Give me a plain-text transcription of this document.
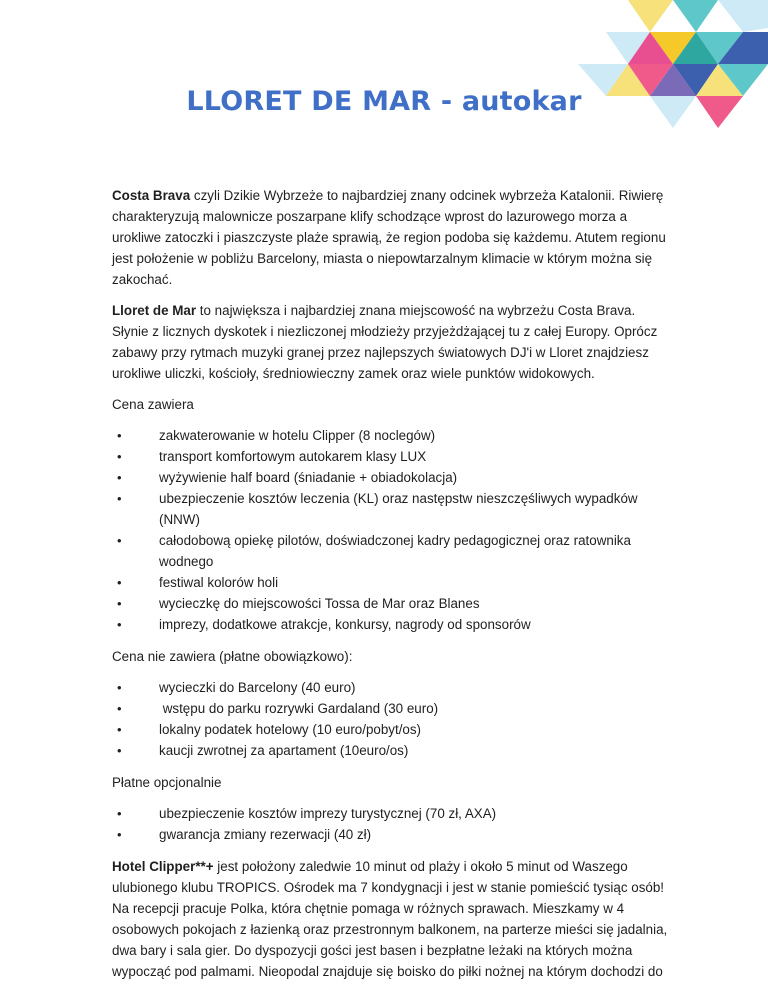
LLORET DE MAR - autokar

Costa Brava czyli Dzikie Wybrzeże to najbardziej znany odcinek wybrzeża Katalonii. Riwierę charakteryzują malownicze poszarpane klify schodzące wprost do lazurowego morza a urokliwe zatoczki i piaszczyste plaże sprawią, że region podoba się każdemu. Atutem regionu jest położenie w pobliżu Barcelony, miasta o niepowtarzalnym klimacie w którym można się zakochać.

Lloret de Mar to największa i najbardziej znana miejscowość na wybrzeżu Costa Brava. Słynie z licznych dyskotek i niezliczonej młodzieży przyjeżdżającej tu z całej Europy. Oprócz zabawy przy rytmach muzyki granej przez najlepszych światowych DJ'i w Lloret znajdziesz urokliwe uliczki, kościoły, średniowieczny zamek oraz wiele punktów widokowych.

Cena zawiera

• zakwaterowanie w hotelu Clipper (8 noclegów)
• transport komfortowym autokarem klasy LUX
• wyżywienie half board (śniadanie + obiadokolacja)
• ubezpieczenie kosztów leczenia (KL) oraz następstw nieszczęśliwych wypadków (NNW)
• całodobową opiekę pilotów, doświadczonej kadry pedagogicznej oraz ratownika wodnego
• festiwal kolorów holi
• wycieczkę do miejscowości Tossa de Mar oraz Blanes
• imprezy, dodatkowe atrakcje, konkursy, nagrody od sponsorów

Cena nie zawiera (płatne obowiązkowo):

• wycieczki do Barcelony (40 euro)
•  wstępu do parku rozrywki Gardaland (30 euro)
• lokalny podatek hotelowy (10 euro/pobyt/os)
• kaucji zwrotnej za apartament (10euro/os)

Płatne opcjonalnie

• ubezpieczenie kosztów imprezy turystycznej (70 zł, AXA)
• gwarancja zmiany rezerwacji (40 zł)

Hotel Clipper**+ jest położony zaledwie 10 minut od plaży i około 5 minut od Waszego ulubionego klubu TROPICS. Ośrodek ma 7 kondygnacji i jest w stanie pomieścić tysiąc osób! Na recepcji pracuje Polka, która chętnie pomaga w różnych sprawach. Mieszkamy w 4 osobowych pokojach z łazienką oraz przestronnym balkonem, na parterze mieści się jadalnia, dwa bary i sala gier. Do dyspozycji gości jest basen i bezpłatne leżaki na których można wypocząć pod palmami. Nieopodal znajduje się boisko do piłki nożnej na którym dochodzi do
